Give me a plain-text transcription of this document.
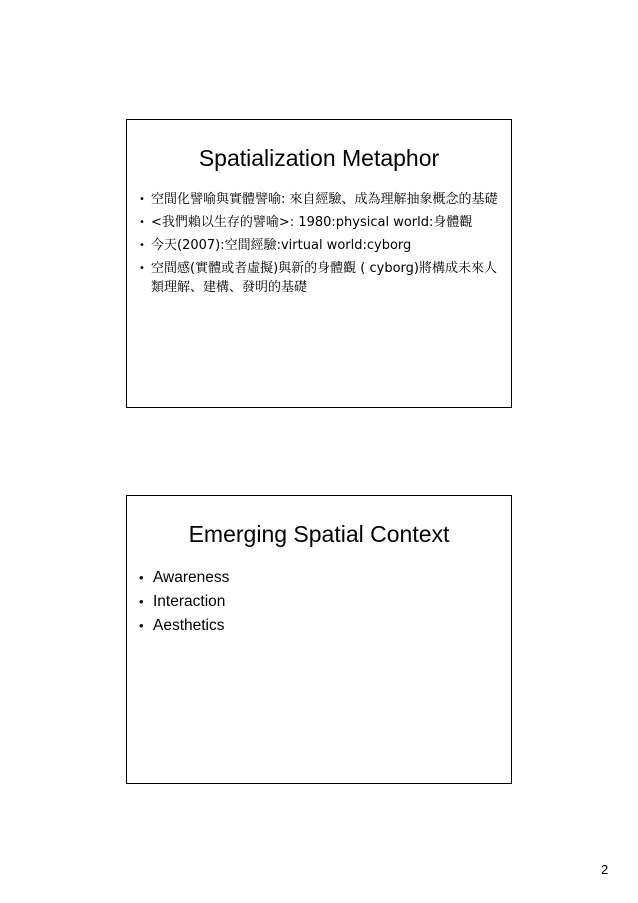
Spatialization Metaphor
• 空間化譬喻與實體譬喻: 來自經驗、成為理解抽象概念的基礎
• <我們賴以生存的譬喻>: 1980:physical world:身體觀
• 今天(2007):空間經驗:virtual world:cyborg
• 空間感(實體或者虛擬)與新的身體觀 ( cyborg)將構成未來人類理解、建構、發明的基礎
Emerging Spatial Context
• Awareness
• Interaction
• Aesthetics
2
